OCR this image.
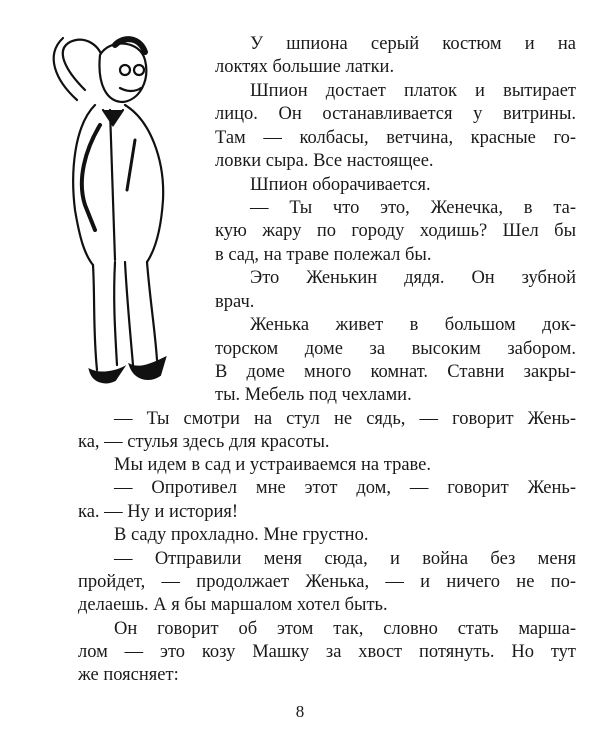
У шпиона серый костюм и на
локтях большие латки.
Шпион достает платок и вытирает
лицо. Он останавливается у витрины.
Там — колбасы, ветчина, красные го-
ловки сыра. Все настоящее.
Шпион оборачивается.
— Ты что это, Женечка, в та-
кую жару по городу ходишь? Шел бы
в сад, на траве полежал бы.
Это Женькин дядя. Он зубной
врач.
Женька живет в большом док-
торском доме за высоким забором.
В доме много комнат. Ставни закры-
ты. Мебель под чехлами.
— Ты смотри на стул не сядь, — говорит Жень-
ка, — стулья здесь для красоты.
Мы идем в сад и устраиваемся на траве.
— Опротивел мне этот дом, — говорит Жень-
ка. — Ну и история!
В саду прохладно. Мне грустно.
— Отправили меня сюда, и война без меня
пройдет, — продолжает Женька, — и ничего не по-
делаешь. А я бы маршалом хотел быть.
Он говорит об этом так, словно стать марша-
лом — это козу Машку за хвост потянуть. Но тут
же поясняет:
8
